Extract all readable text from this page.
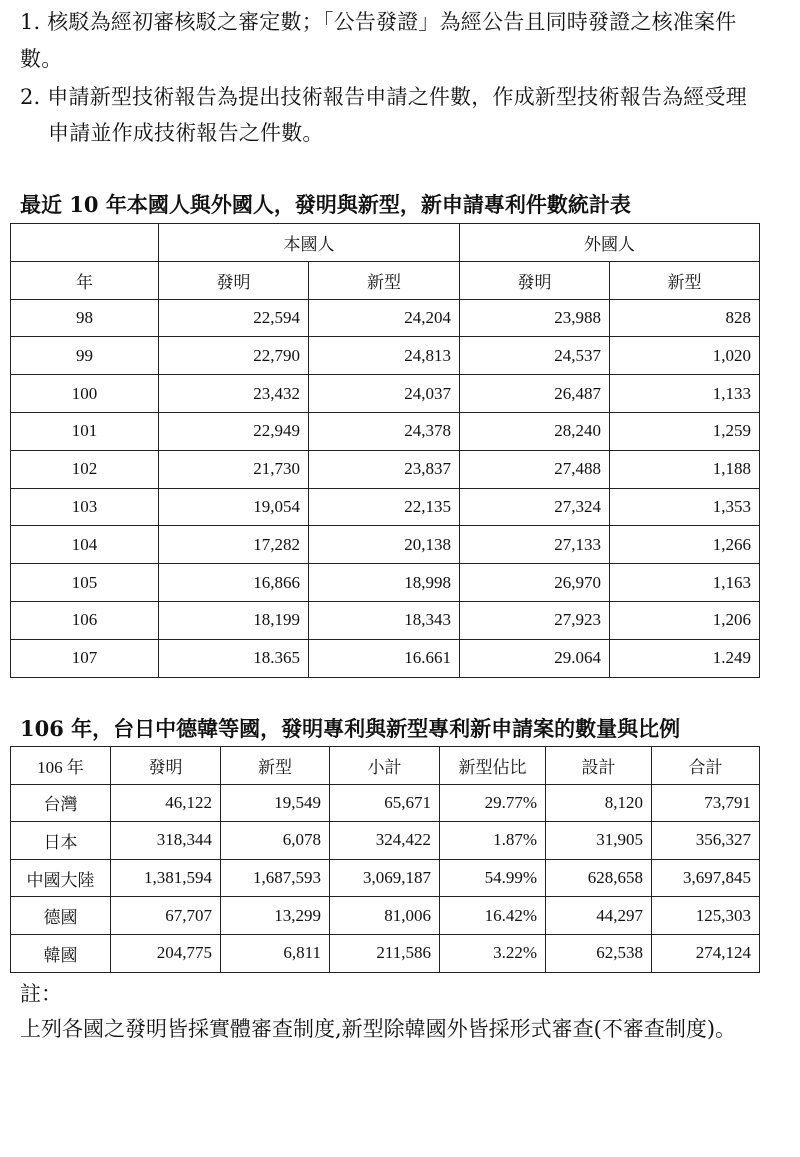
1. 核駁為經初審核駁之審定數；「公告發證」為經公告且同時發證之核准案件
數。
2. 申請新型技術報告為提出技術報告申請之件數，作成新型技術報告為經受理
申請並作成技術報告之件數。
最近 10 年本國人與外國人，發明與新型，新申請專利件數統計表
	本國人		外國人	
年	發明	新型	發明	新型
98	22,594	24,204	23,988	828
99	22,790	24,813	24,537	1,020
100	23,432	24,037	26,487	1,133
101	22,949	24,378	28,240	1,259
102	21,730	23,837	27,488	1,188
103	19,054	22,135	27,324	1,353
104	17,282	20,138	27,133	1,266
105	16,866	18,998	26,970	1,163
106	18,199	18,343	27,923	1,206
107	18.365	16.661	29.064	1.249
106 年，台日中德韓等國，發明專利與新型專利新申請案的數量與比例
106 年	發明	新型	小計	新型佔比	設計	合計
台灣	46,122	19,549	65,671	29.77%	8,120	73,791
日本	318,344	6,078	324,422	1.87%	31,905	356,327
中國大陸	1,381,594	1,687,593	3,069,187	54.99%	628,658	3,697,845
德國	67,707	13,299	81,006	16.42%	44,297	125,303
韓國	204,775	6,811	211,586	3.22%	62,538	274,124
註：
上列各國之發明皆採實體審查制度,新型除韓國外皆採形式審查(不審查制度)。
